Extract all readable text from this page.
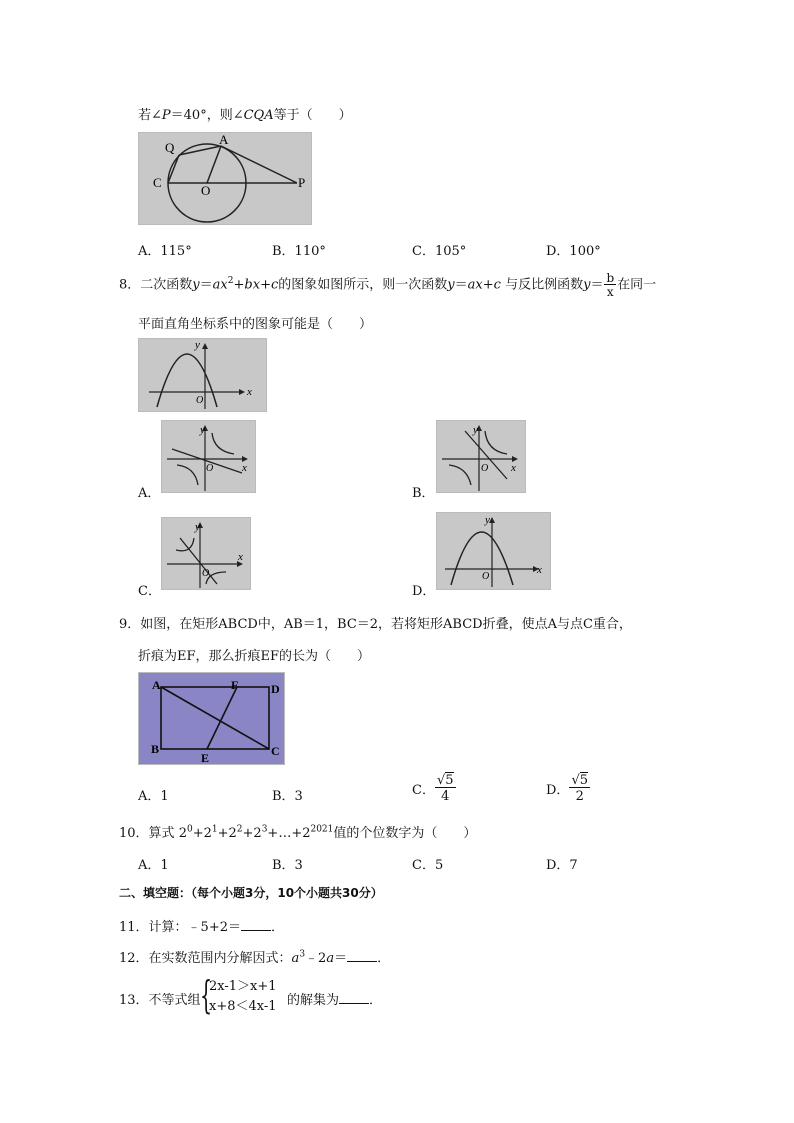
若∠P＝40°，则∠CQA等于（　　）
Q
A
C
O
P
A．115°	B．110°	C．105°	D．100°
8．二次函数$y=ax^2+bx+c$的图象如图所示，则一次函数y＝ax+c 与反比例函数$y= \frac{b}{x}$ 在同一
平面直角坐标系中的图象可能是（　　）
y
x
O
A．
y
x
O
B．
y
x
O
C．
y
x
O
D．
y
x
O
9．如图，在矩形ABCD中，AB＝1，BC＝2，若将矩形ABCD折叠，使点A与点C重合，
折痕为EF，那么折痕EF的长为（　　）
A	F	D
B
E	C
A．1	B．3	C． $\frac{√5}{4}$	D． $\frac{√5}{2}$
10．算式 $2^0+2^1+2^2+2^3+\dots+2^{2021}$值的个位数字为（　　）
A．1	B．3	C．5	D．7
二、填空题：（每个小题3分，10个小题共30分）
11．计算：﹣5+2＝ ．
12．在实数范围内分解因式：$a^3﹣2a=$ ．
13．不等式组 {
2x-1＞x+1
x+8＜4x-1 的解集为 ．
